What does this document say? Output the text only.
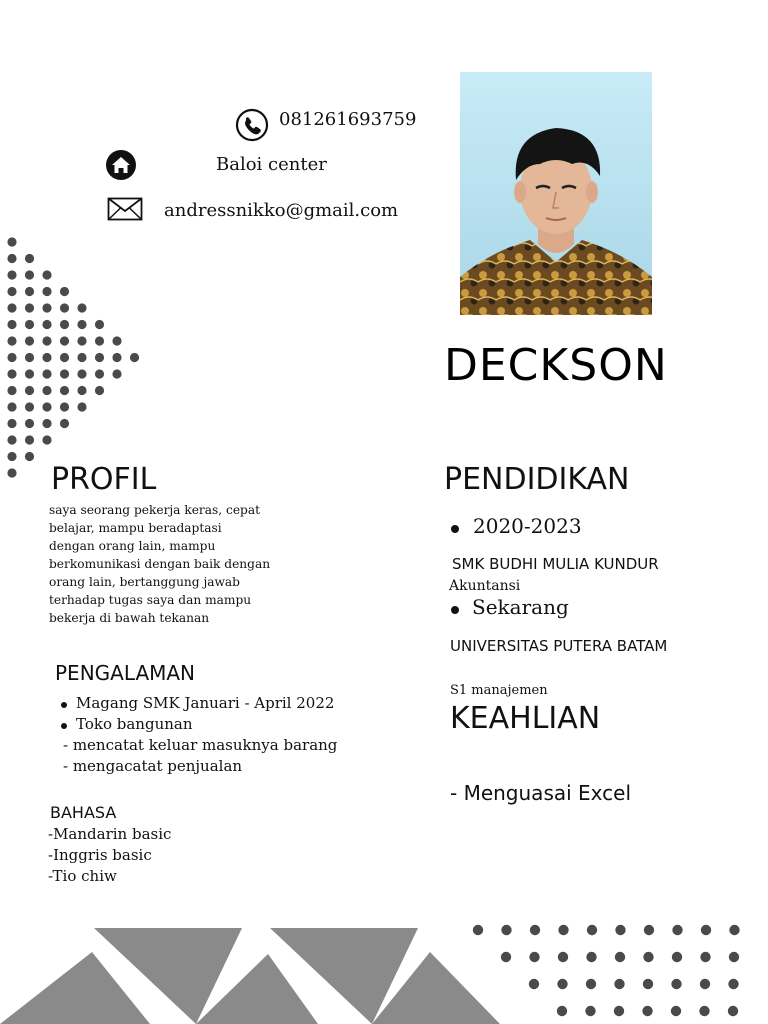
081261693759
Baloi center
andressnikko@gmail.com
DECKSON
PROFIL
saya seorang pekerja keras, cepat
belajar, mampu beradaptasi
dengan orang lain, mampu
berkomunikasi dengan baik dengan
orang lain, bertanggung jawab
terhadap tugas saya dan mampu
bekerja di bawah tekanan
PENGALAMAN
Magang SMK Januari - April 2022
Toko bangunan
- mencatat keluar masuknya barang
- mengacatat penjualan
BAHASA
-Mandarin basic
-Inggris basic
-Tio chiw
PENDIDIKAN
2020-2023
SMK BUDHI MULIA KUNDUR
Akuntansi
Sekarang
UNIVERSITAS PUTERA BATAM
S1 manajemen
KEAHLIAN
- Menguasai Excel
